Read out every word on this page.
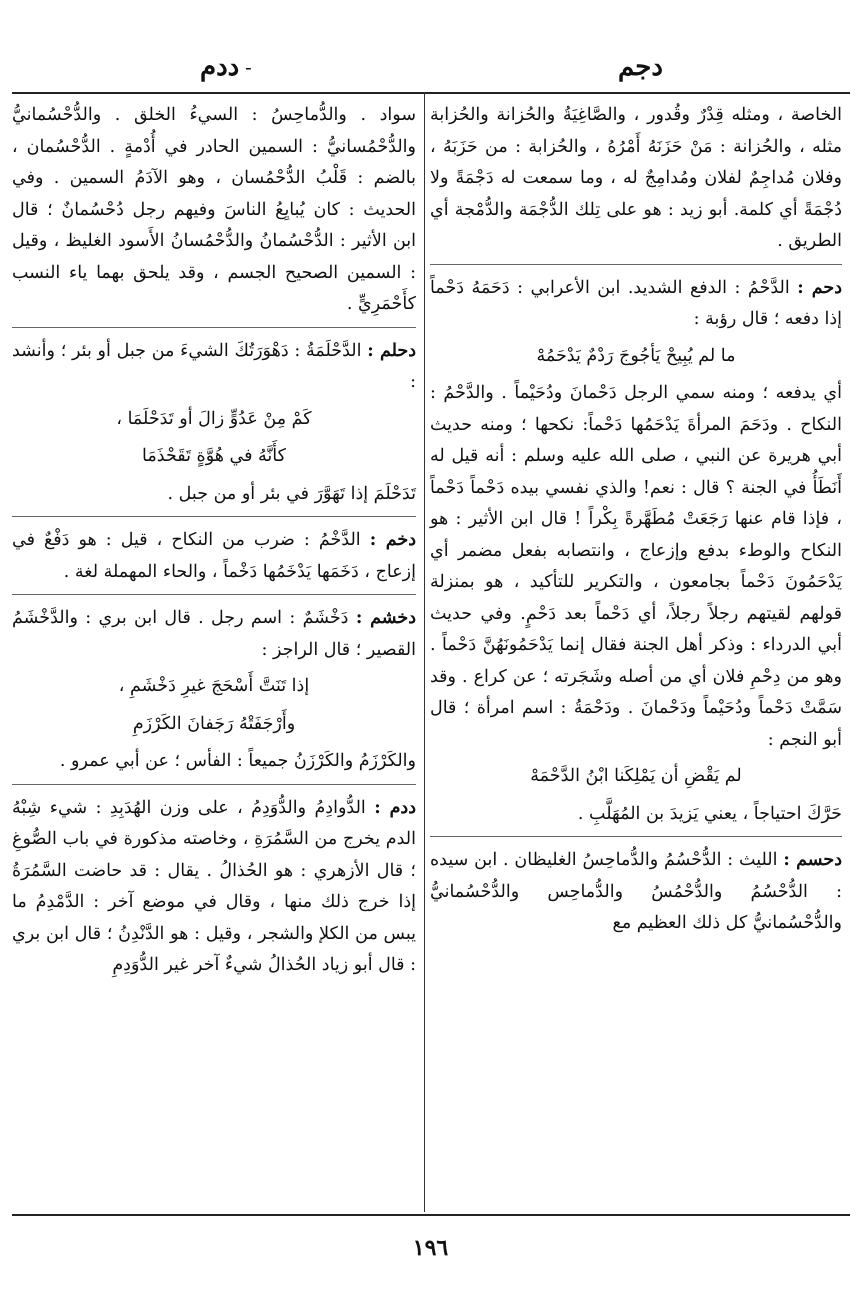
دجم
-
ددم
الخاصة ، ومثله قِدْرٌ وقُدور ، والصَّاغِيَةُ والحُزانة والحُزابة مثله ، والحُزانة : مَنْ حَزَنَهُ أَمْرُهُ ، والحُزابة : من حَزَبَهُ ، وفلان مُداجِمٌ لفلان ومُدامِجٌ له ، وما سمعت له دَجْمَةً ولا دُجْمَةً أي كلمة. أبو زيد : هو على تِلك الدُّجْمَة والدُّمْجة أي الطريق .
دحم : الدَّحْمُ : الدفع الشديد. ابن الأعرابي : دَحَمَهُ دَحْماً إذا دفعه ؛ قال رؤبة :
ما لم يُبِيحْ يَأجُوجَ رَدْمٌ يَدْحَمُهْ
أي يدفعه ؛ ومنه سمي الرجل دَحْمانَ ودُحَيْماً . والدَّحْمُ : النكاح . ودَحَمَ المرأةَ يَدْحَمُها دَحْماً: نكحها ؛ ومنه حديث أبي هريرة عن النبي ، صلى الله عليه وسلم : أنه قيل له أَنَطَأُ في الجنة ؟ قال : نعم! والذي نفسي بيده دَحْماً دَحْماً ، فإذا قام عنها رَجَعَتْ مُطَهَّرةً بِكْراً ! قال ابن الأثير : هو النكاح والوطء بدفع وإزعاج ، وانتصابه بفعل مضمر أي يَدْحَمُونَ دَحْماً بجامعون ، والتكرير للتأكيد ، هو بمنزلة قولهم لقيتهم رجلاً رجلاً، أي دَحْماً بعد دَحْمٍ. وفي حديث أبي الدرداء : وذكر أهل الجنة فقال إنما يَدْحَمُونَهُنَّ دَحْماً . وهو من دِحْمِ فلان أي من أصله وشَجَرته ؛ عن كراع . وقد سَمَّتْ دَحْماً ودُحَيْماً ودَحْمانَ . ودَحْمَةُ : اسم امرأة ؛ قال أبو النجم :
لم يَقْضِ أن يَمْلِكَنا ابْنُ الدَّحْمَهْ
حَرَّكَ احتياجاً ، يعني يَزيدَ بن المُهَلَّبِ .
دحسم : الليث : الدُّحْسُمُ والدُّماحِسُ الغليظان . ابن سيده : الدُّحْسُمُ والدُّحْمُسُ والدُّماحِس والدُّحْسُمانيُّ والدُّحْسُمانيُّ كل ذلك العظيم مع
سواد . والدُّماحِسُ : السيءُ الخلق . والدُّحْسُمانيُّ والدُّحْمُسانيُّ : السمين الحادر في أُدْمةٍ . الدُّحْسُمان ، بالضم : قَلْبُ الدُّحْمُسان ، وهو الآدَمُ السمين . وفي الحديث : كان يُبايِعُ الناسَ وفيهم رجل دُحْسُمانٌ ؛ قال ابن الأثير : الدُّحْسُمانُ والدُّحْمُسانُ الأَسود الغليظ ، وقيل : السمين الصحيح الجسم ، وقد يلحق بهما ياء النسب كأَحْمَرِيٍّ .
دحلم : الدَّحْلَمَةُ : دَهْوَرَتُكَ الشيءَ من جبل أو بئر ؛ وأنشد :
كَمْ مِنْ عَدُوٍّ زالَ أو تَدَحْلَمَا ،
كأَنَّهُ في هُوَّةٍ تَقَحْذَمَا
تَدَحْلَمَ إذا تَهَوَّرَ في بئر أو من جبل .
دخم : الدَّخْمُ : ضرب من النكاح ، قيل : هو دَفْعٌ في إزعاج ، دَخَمَها يَدْخَمُها دَخْماً ، والحاء المهملة لغة .
دخشم : دَخْشَمٌ : اسم رجل . قال ابن بري : والدَّخْشَمُ القصير ؛ قال الراجز :
إذا تَنَتَّ أَسْحَجَ غيرِ دَخْشَمِ ،
وأَرْجَفَتْهُ رَجَفانَ الكَرْزَمِ
والكَرْزَمُ والكَرْزَنُ جميعاً : الفأس ؛ عن أبي عمرو .
ددم : الدُّوادِمُ والدُّوَدِمُ ، على وزن الهُدَبِدِ : شيء شِبْهُ الدم يخرج من السَّمُرَةِ ، وخاصته مذكورة في باب الصُّوغِ ؛ قال الأزهري : هو الحُذالُ . يقال : قد حاضت السَّمُرَةُ إذا خرج ذلك منها ، وقال في موضع آخر : الدَّمْدِمُ ما يبس من الكلإ والشجر ، وقيل : هو الدَّنْدِنُ ؛ قال ابن بري : قال أبو زياد الحُذالُ شيءٌ آخر غير الدُّوَدِمِ
١٩٦
